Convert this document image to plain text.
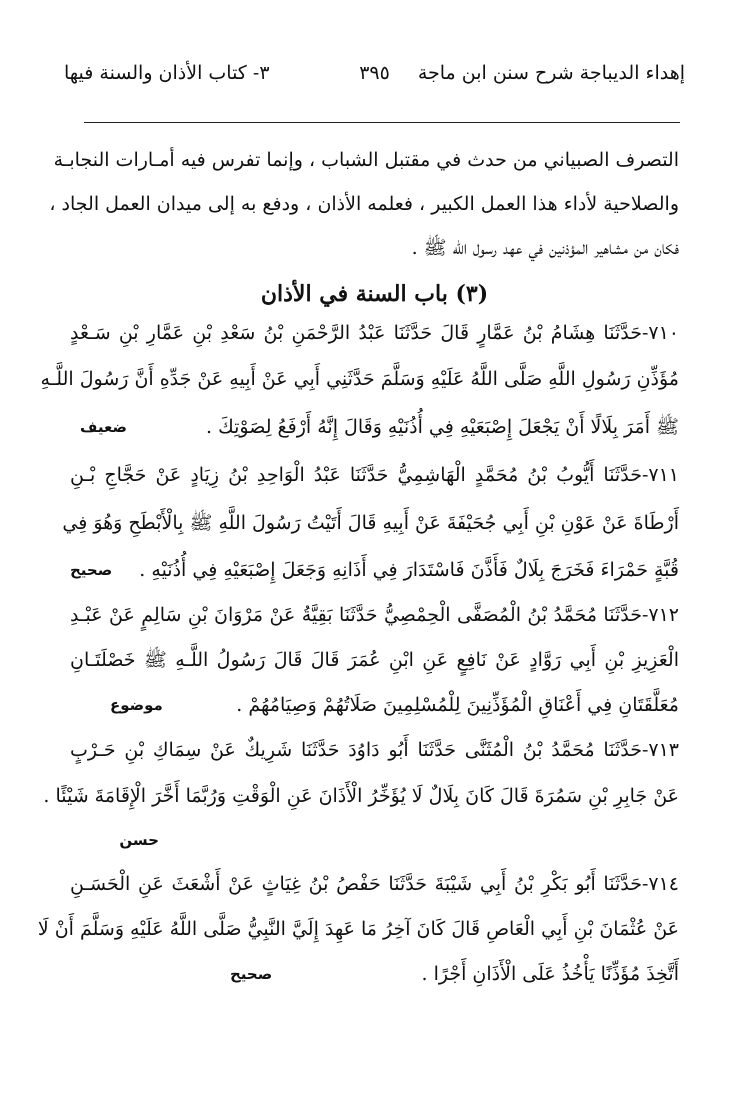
إهداء الديباجة شرح سنن ابن ماجة
٣٩٥
٣- كتاب الأذان والسنة فيها
التصرف الصبياني من حدث في مقتبل الشباب ، وإنما تفرس فيه أمـارات النجابـة
والصلاحية لأداء هذا العمل الكبير ، فعلمه الأذان ، ودفع به إلى ميدان العمل الجاد ،
فكان من مشاهير المؤذنين في عهد رسول الله ﷺ .
(٣) باب السنة في الأذان
٧١٠-حَدَّثَنَا هِشَامُ بْنُ عَمَّارٍ قَالَ حَدَّثَنَا عَبْدُ الرَّحْمَنِ بْنُ سَعْدِ بْنِ عَمَّارِ بْنِ سَـعْدٍ
مُؤَذِّنِ رَسُولِ اللَّهِ صَلَّى اللَّهُ عَلَيْهِ وَسَلَّمَ حَدَّثَنِي أَبِي عَنْ أَبِيهِ عَنْ جَدِّهِ أَنَّ رَسُولَ اللَّـهِ
ﷺ أَمَرَ بِلَالًا أَنْ يَجْعَلَ إِصْبَعَيْهِ فِي أُذُنَيْهِ وَقَالَ إِنَّهُ أَرْفَعُ لِصَوْتِكَ .
ضعيف
٧١١-حَدَّثَنَا أَيُّوبُ بْنُ مُحَمَّدٍ الْهَاشِمِيُّ حَدَّثَنَا عَبْدُ الْوَاحِدِ بْنُ زِيَادٍ عَنْ حَجَّاجِ بْـنِ
أَرْطَاةَ عَنْ عَوْنِ بْنِ أَبِي جُحَيْفَةَ عَنْ أَبِيهِ قَالَ أَتَيْتُ رَسُولَ اللَّهِ ﷺ بِالْأَبْطَحِ وَهُوَ فِي
قُبَّةٍ حَمْرَاءَ فَخَرَجَ بِلَالٌ فَأَذَّنَ فَاسْتَدَارَ فِي أَذَانِهِ وَجَعَلَ إِصْبَعَيْهِ فِي أُذُنَيْهِ .
صحيح
٧١٢-حَدَّثَنَا مُحَمَّدُ بْنُ الْمُصَفَّى الْحِمْصِيُّ حَدَّثَنَا بَقِيَّةُ عَنْ مَرْوَانَ بْنِ سَالِمٍ عَنْ عَبْـدِ
الْعَزِيزِ بْنِ أَبِي رَوَّادٍ عَنْ نَافِعٍ عَنِ ابْنِ عُمَرَ قَالَ قَالَ رَسُولُ اللَّـهِ ﷺ خَصْلَتَـانِ
مُعَلَّقَتَانِ فِي أَعْنَاقِ الْمُؤَذِّنِينَ لِلْمُسْلِمِينَ صَلَاتُهُمْ وَصِيَامُهُمْ .
موضوع
٧١٣-حَدَّثَنَا مُحَمَّدُ بْنُ الْمُثَنَّى حَدَّثَنَا أَبُو دَاوُدَ حَدَّثَنَا شَرِيكٌ عَنْ سِمَاكِ بْنِ حَـرْبٍ
عَنْ جَابِرِ بْنِ سَمُرَةَ قَالَ كَانَ بِلَالٌ لَا يُؤَخِّرُ الْأَذَانَ عَنِ الْوَقْتِ وَرُبَّمَا أَخَّرَ الْإِقَامَةَ شَيْئًا .
حسن
٧١٤-حَدَّثَنَا أَبُو بَكْرِ بْنُ أَبِي شَيْبَةَ حَدَّثَنَا حَفْصُ بْنُ غِيَاثٍ عَنْ أَشْعَثَ عَنِ الْحَسَـنِ
عَنْ عُثْمَانَ بْنِ أَبِي الْعَاصِ قَالَ كَانَ آخِرُ مَا عَهِدَ إِلَيَّ النَّبِيُّ صَلَّى اللَّهُ عَلَيْهِ وَسَلَّمَ أَنْ لَا
أَتَّخِذَ مُؤَذِّنًا يَأْخُذُ عَلَى الْأَذَانِ أَجْرًا .
صحيح
